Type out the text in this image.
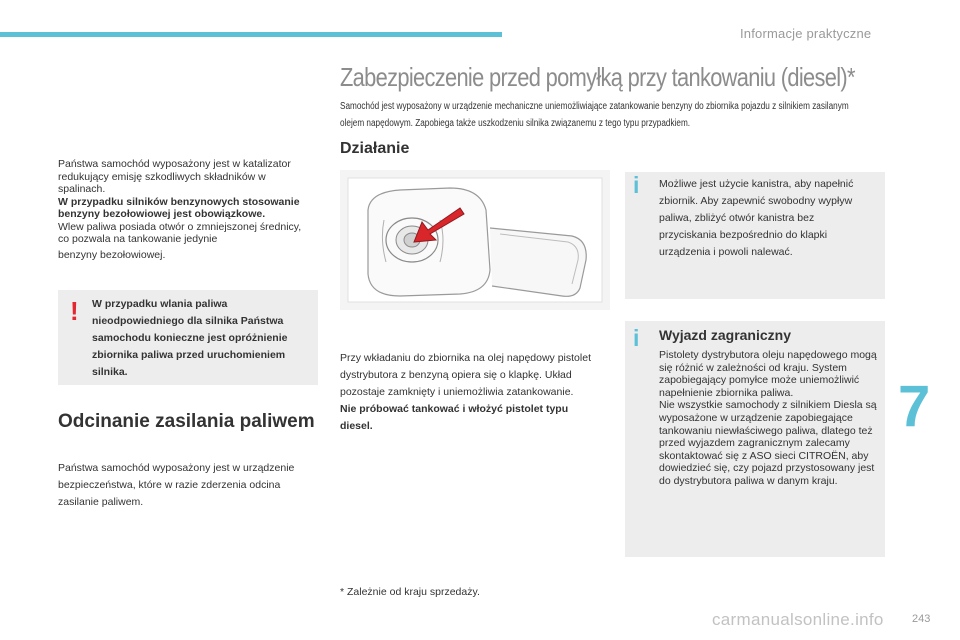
Informacje praktyczne
7
243
carmanualsonline.info

Państwa samochód wyposażony jest w katalizator redukujący emisję szkodliwych składników w spalinach.

W przypadku silników benzynowych stosowanie benzyny bezołowiowej jest obowiązkowe.

Wlew paliwa posiada otwór o zmniejszonej średnicy, co pozwala na tankowanie jedynie

benzyny bezołowiowej.

! W przypadku wlania paliwa nieodpowiedniego dla silnika Państwa samochodu konieczne jest opróżnienie zbiornika paliwa przed uruchomieniem silnika.

Odcinanie zasilania paliwem

Państwa samochód wyposażony jest w urządzenie bezpieczeństwa, które w razie zderzenia odcina zasilanie paliwem.

Zabezpieczenie przed pomyłką przy tankowaniu (diesel)*

Samochód jest wyposażony w urządzenie mechaniczne uniemożliwiające zatankowanie benzyny do zbiornika pojazdu z silnikiem zasilanym olejem napędowym. Zapobiega także uszkodzeniu silnika związanemu z tego typu przypadkiem.

Działanie

Przy wkładaniu do zbiornika na olej napędowy pistolet dystrybutora z benzyną opiera się o klapkę. Układ pozostaje zamknięty i uniemożliwia zatankowanie.
Nie próbować tankować i włożyć pistolet typu diesel.

* Zależnie od kraju sprzedaży.

i Możliwe jest użycie kanistra, aby napełnić zbiornik. Aby zapewnić swobodny wypływ paliwa, zbliżyć otwór kanistra bez przyciskania bezpośrednio do klapki urządzenia i powoli nalewać.

i Wyjazd zagraniczny

Pistolety dystrybutora oleju napędowego mogą się różnić w zależności od kraju. System zapobiegający pomyłce może uniemożliwić napełnienie zbiornika paliwa.
Nie wszystkie samochody z silnikiem Diesla są wyposażone w urządzenie zapobiegające tankowaniu niewłaściwego paliwa, dlatego też przed wyjazdem zagranicznym zalecamy skontaktować się z ASO sieci CITROËN, aby dowiedzieć się, czy pojazd przystosowany jest do dystrybutora paliwa w danym kraju.
